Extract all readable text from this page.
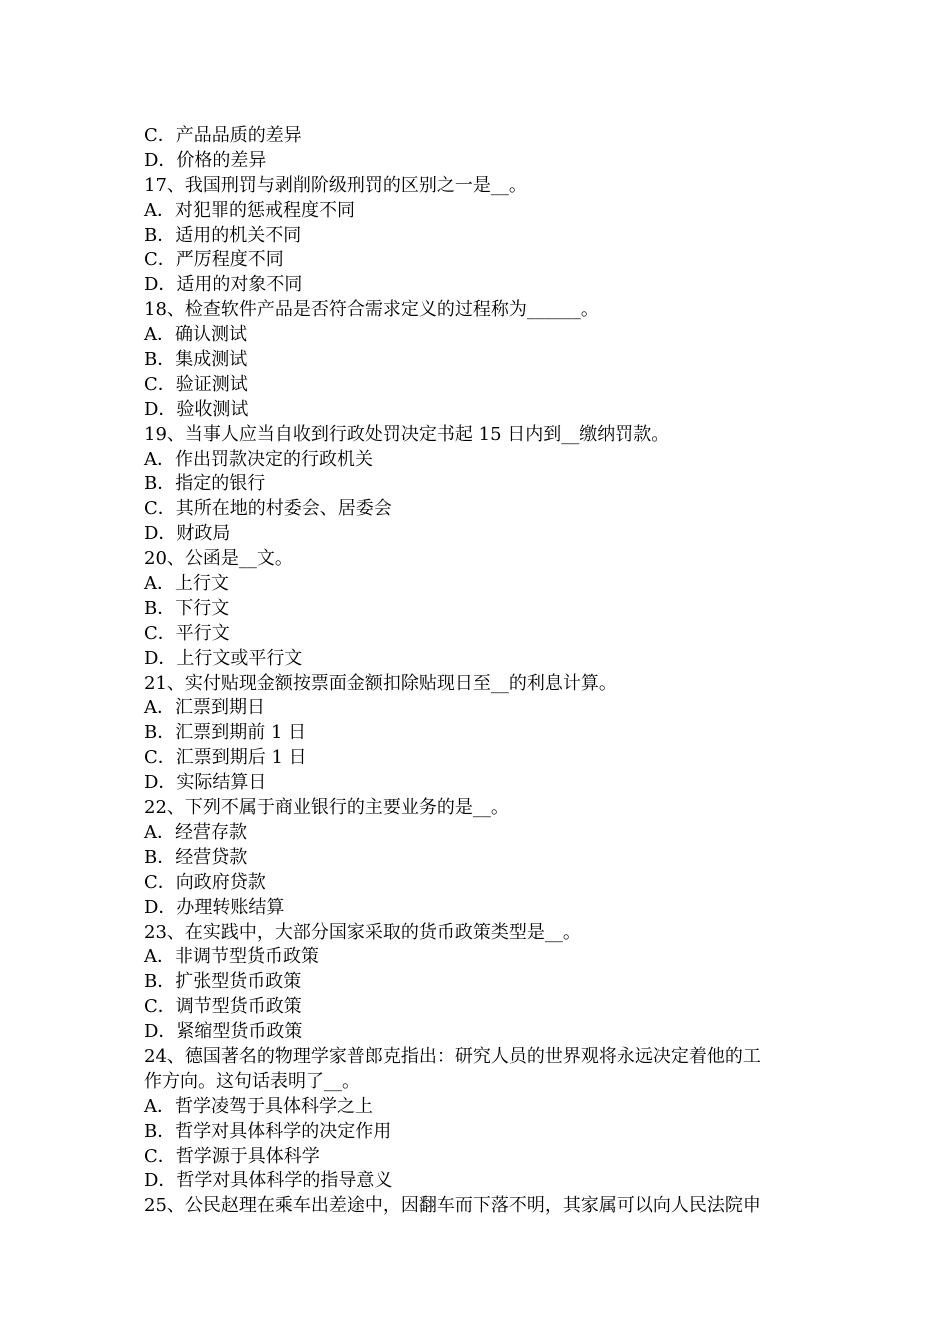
C．产品品质的差异
D．价格的差异
17、我国刑罚与剥削阶级刑罚的区别之一是__。
A．对犯罪的惩戒程度不同
B．适用的机关不同
C．严厉程度不同
D．适用的对象不同
18、检查软件产品是否符合需求定义的过程称为______。
A．确认测试
B．集成测试
C．验证测试
D．验收测试
19、当事人应当自收到行政处罚决定书起 15 日内到__缴纳罚款。
A．作出罚款决定的行政机关
B．指定的银行
C．其所在地的村委会、居委会
D．财政局
20、公函是__文。
A．上行文
B．下行文
C．平行文
D．上行文或平行文
21、实付贴现金额按票面金额扣除贴现日至__的利息计算。
A．汇票到期日
B．汇票到期前 1 日
C．汇票到期后 1 日
D．实际结算日
22、下列不属于商业银行的主要业务的是__。
A．经营存款
B．经营贷款
C．向政府贷款
D．办理转账结算
23、在实践中，大部分国家采取的货币政策类型是__。
A．非调节型货币政策
B．扩张型货币政策
C．调节型货币政策
D．紧缩型货币政策
24、德国著名的物理学家普郎克指出：研究人员的世界观将永远决定着他的工
作方向。这句话表明了__。
A．哲学凌驾于具体科学之上
B．哲学对具体科学的决定作用
C．哲学源于具体科学
D．哲学对具体科学的指导意义
25、公民赵理在乘车出差途中，因翻车而下落不明，其家属可以向人民法院申
